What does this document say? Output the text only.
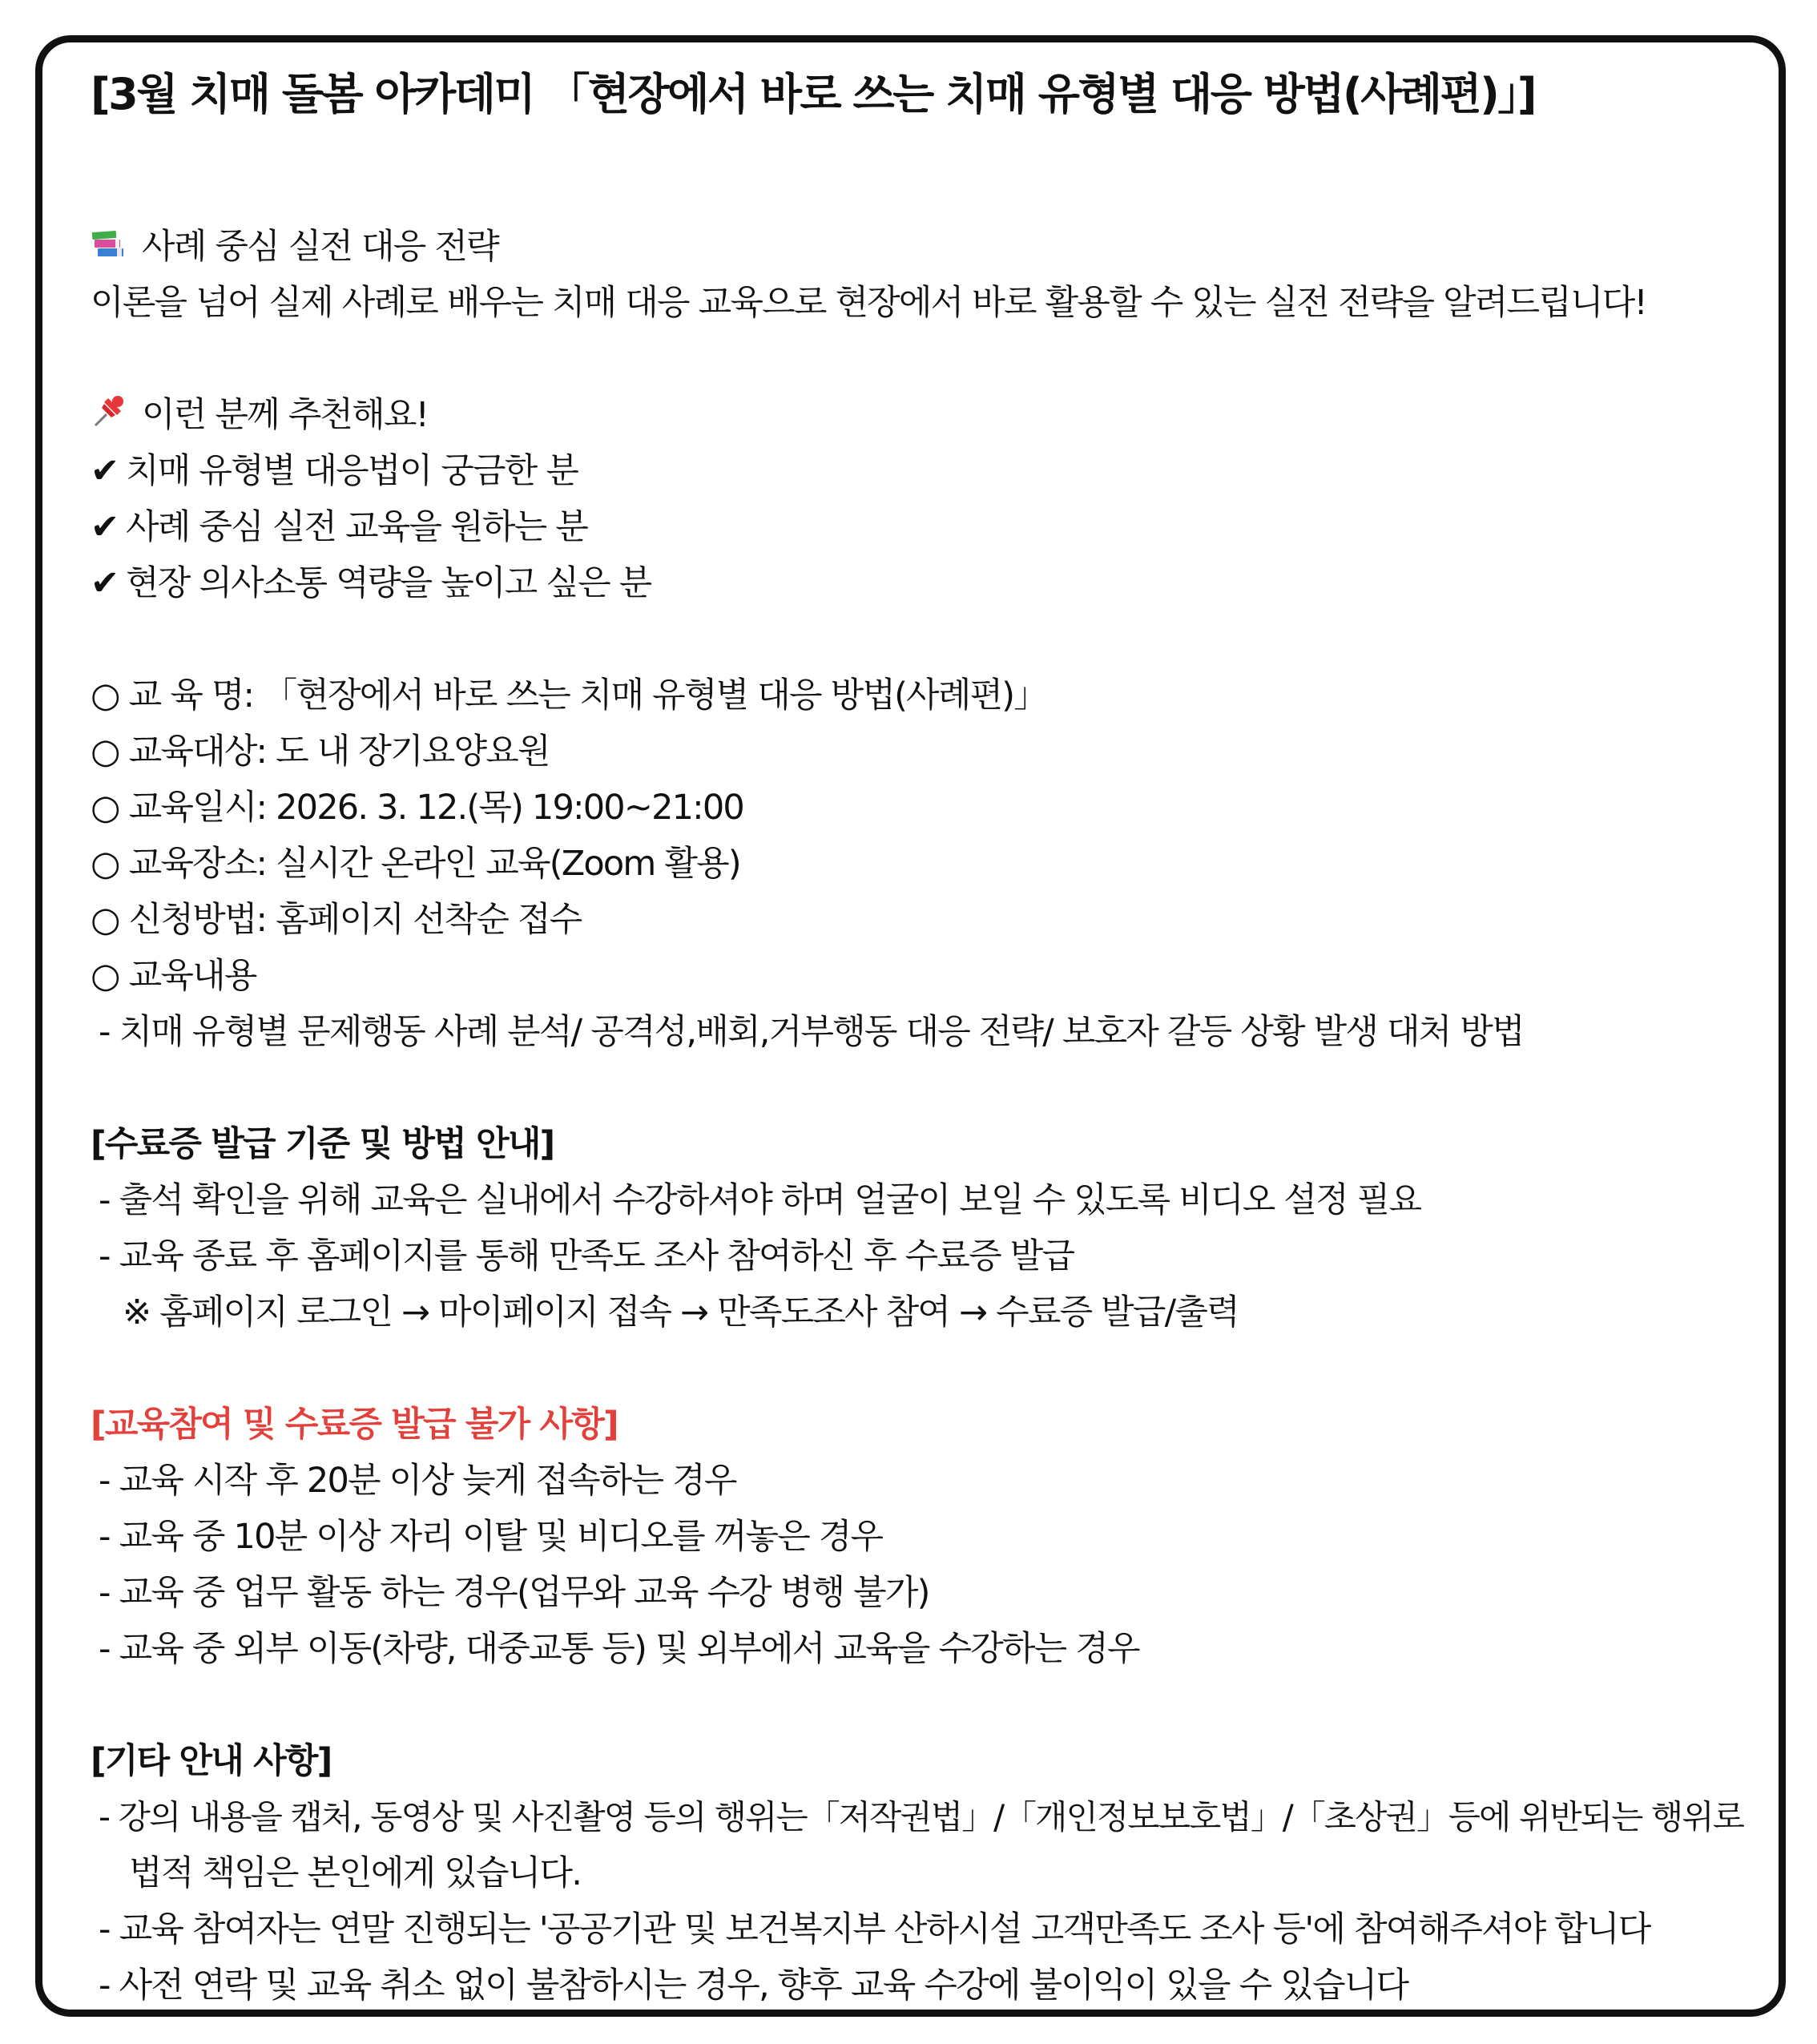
[3월 치매 돌봄 아카데미 「현장에서 바로 쓰는 치매 유형별 대응 방법(사례편)」]
사례 중심 실전 대응 전략
이론을 넘어 실제 사례로 배우는 치매 대응 교육으로 현장에서 바로 활용할 수 있는 실전 전략을 알려드립니다!
이런 분께 추천해요!
✔ 치매 유형별 대응법이 궁금한 분
✔ 사례 중심 실전 교육을 원하는 분
✔ 현장 의사소통 역량을 높이고 싶은 분
○ 교 육 명: 「현장에서 바로 쓰는 치매 유형별 대응 방법(사례편)」
○ 교육대상: 도 내 장기요양요원
○ 교육일시: 2026. 3. 12.(목) 19:00~21:00
○ 교육장소: 실시간 온라인 교육(Zoom 활용)
○ 신청방법: 홈페이지 선착순 접수
○ 교육내용
- 치매 유형별 문제행동 사례 분석/ 공격성,배회,거부행동 대응 전략/ 보호자 갈등 상황 발생 대처 방법
[수료증 발급 기준 및 방법 안내]
- 출석 확인을 위해 교육은 실내에서 수강하셔야 하며 얼굴이 보일 수 있도록 비디오 설정 필요
- 교육 종료 후 홈페이지를 통해 만족도 조사 참여하신 후 수료증 발급
※ 홈페이지 로그인 → 마이페이지 접속 → 만족도조사 참여 → 수료증 발급/출력
[교육참여 및 수료증 발급 불가 사항]
- 교육 시작 후 20분 이상 늦게 접속하는 경우
- 교육 중 10분 이상 자리 이탈 및 비디오를 꺼놓은 경우
- 교육 중 업무 활동 하는 경우(업무와 교육 수강 병행 불가)
- 교육 중 외부 이동(차량, 대중교통 등) 및 외부에서 교육을 수강하는 경우
[기타 안내 사항]
- 강의 내용을 캡처, 동영상 및 사진촬영 등의 행위는「저작권법」/「개인정보보호법」/「초상권」등에 위반되는 행위로
법적 책임은 본인에게 있습니다.
- 교육 참여자는 연말 진행되는 '공공기관 및 보건복지부 산하시설 고객만족도 조사 등'에 참여해주셔야 합니다
- 사전 연락 및 교육 취소 없이 불참하시는 경우, 향후 교육 수강에 불이익이 있을 수 있습니다
